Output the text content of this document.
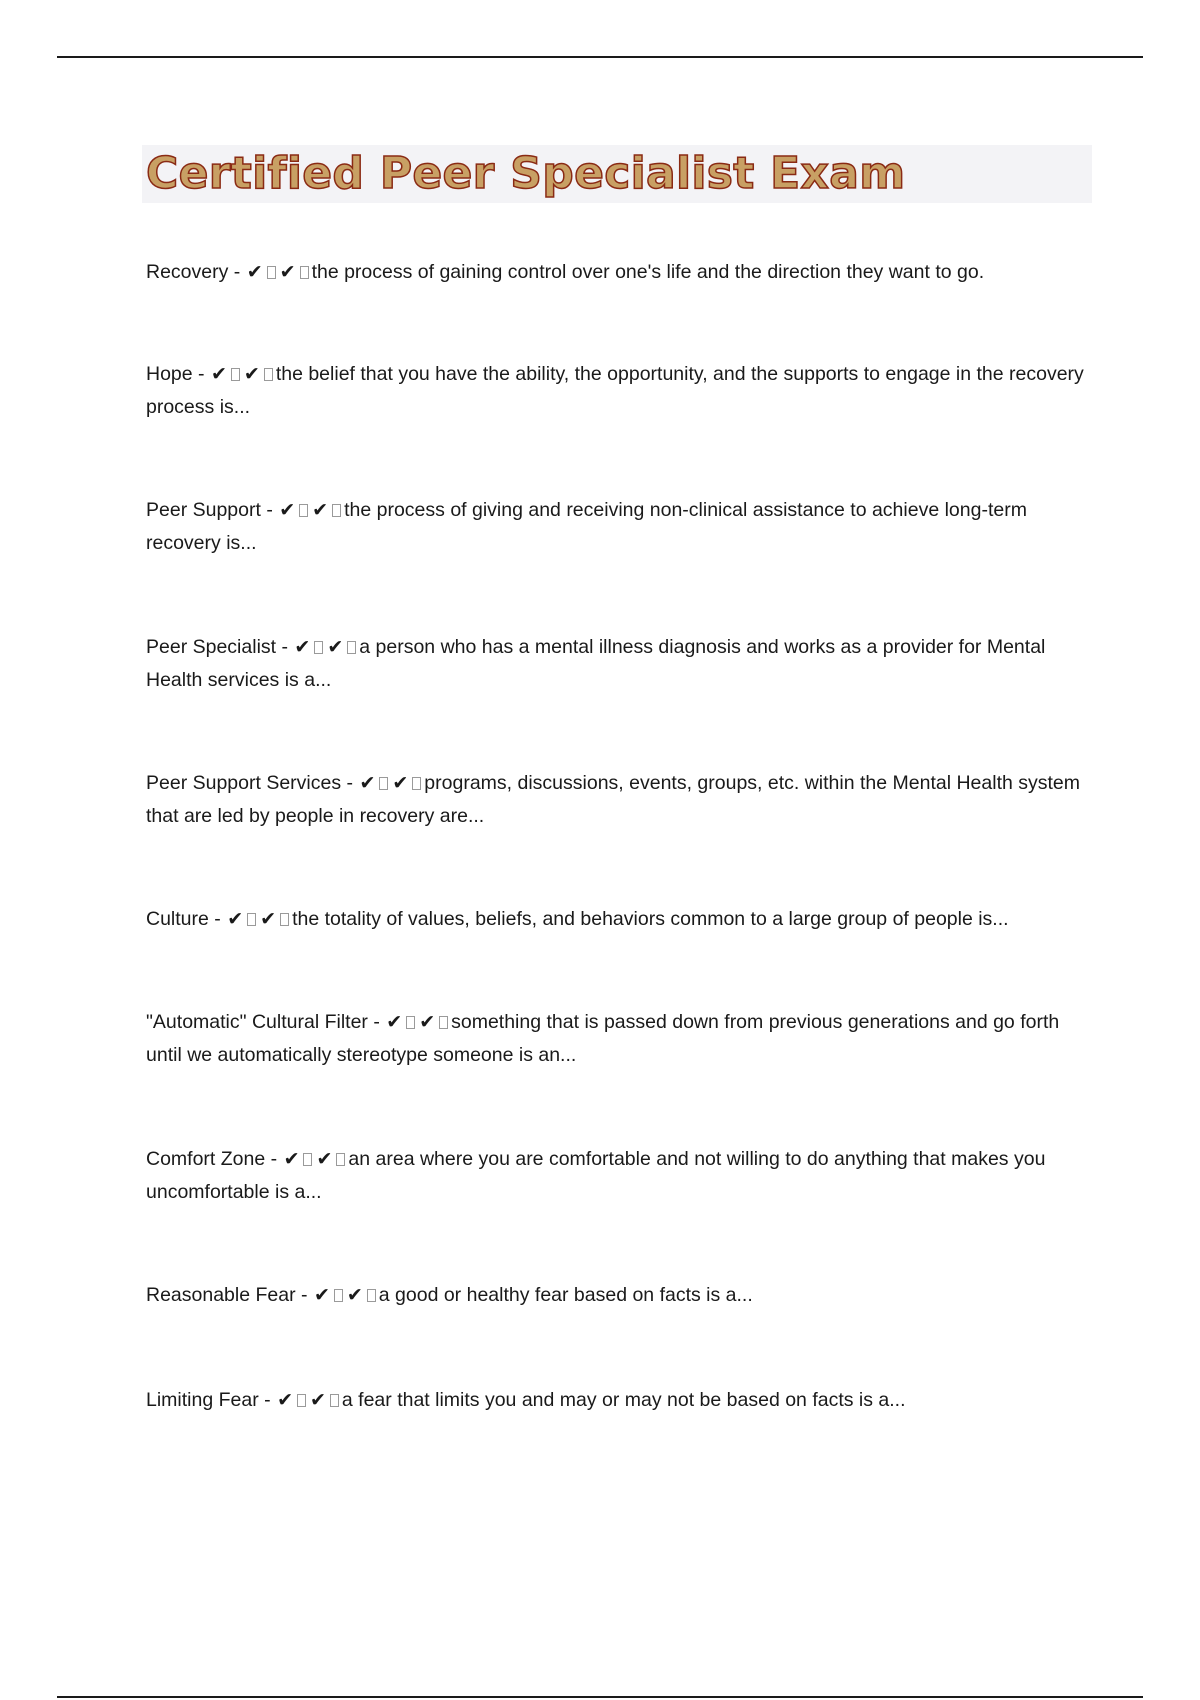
Certified Peer Specialist Exam
Recovery - ✔ ✔ the process of gaining control over one's life and the direction they want to go.
Hope - ✔ ✔ the belief that you have the ability, the opportunity, and the supports to engage in the recovery process is...
Peer Support - ✔ ✔ the process of giving and receiving non-clinical assistance to achieve long-term recovery is...
Peer Specialist - ✔ ✔ a person who has a mental illness diagnosis and works as a provider for Mental Health services is a...
Peer Support Services - ✔ ✔ programs, discussions, events, groups, etc. within the Mental Health system that are led by people in recovery are...
Culture - ✔ ✔ the totality of values, beliefs, and behaviors common to a large group of people is...
"Automatic" Cultural Filter - ✔ ✔ something that is passed down from previous generations and go forth until we automatically stereotype someone is an...
Comfort Zone - ✔ ✔ an area where you are comfortable and not willing to do anything that makes you uncomfortable is a...
Reasonable Fear - ✔ ✔ a good or healthy fear based on facts is a...
Limiting Fear - ✔ ✔ a fear that limits you and may or may not be based on facts is a...
